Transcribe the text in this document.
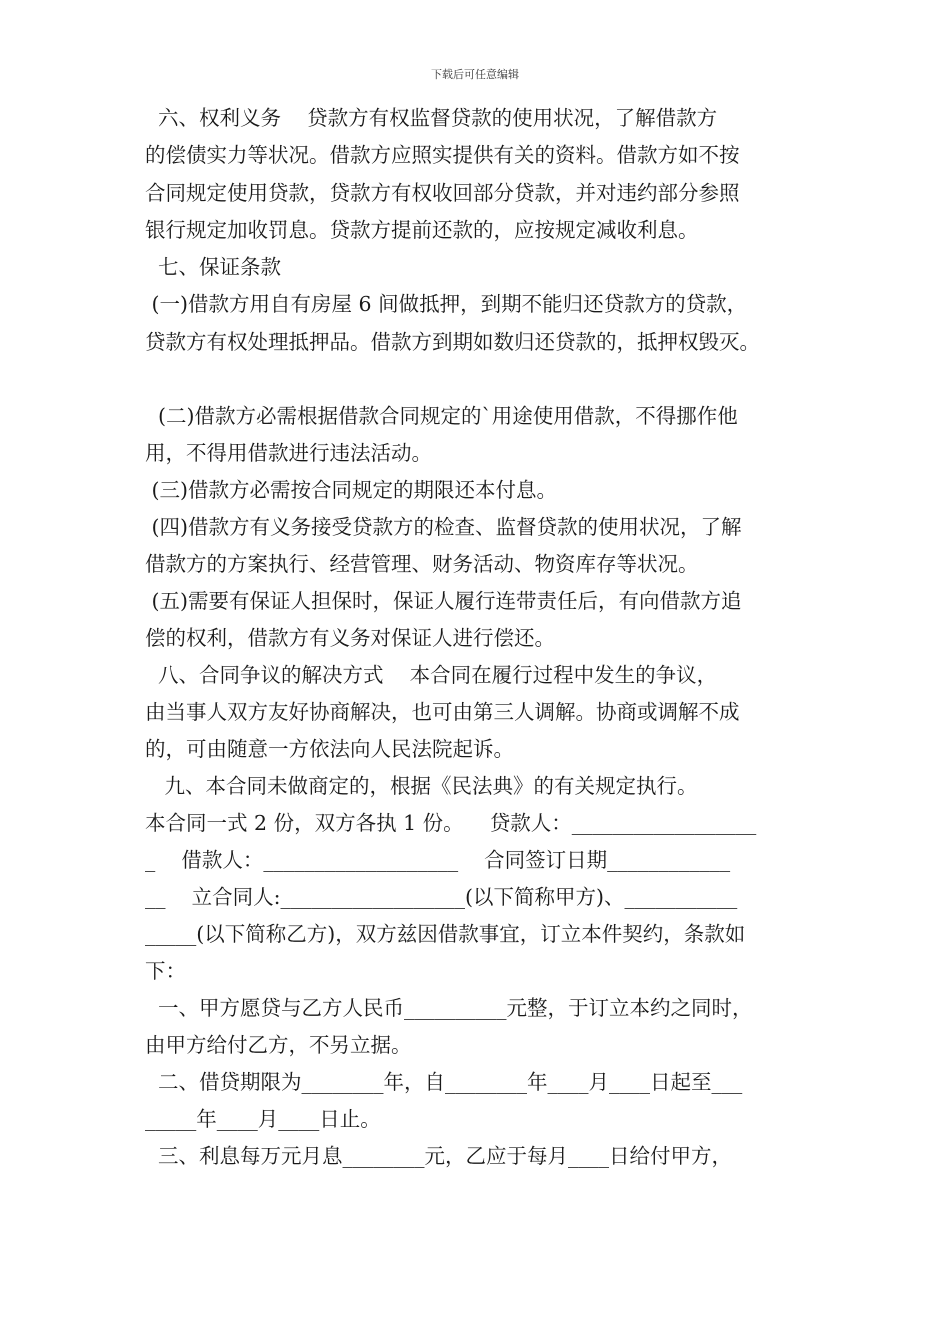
下载后可任意编辑
六、权利义务    贷款方有权监督贷款的使用状况，了解借款方
的偿债实力等状况。借款方应照实提供有关的资料。借款方如不按
合同规定使用贷款，贷款方有权收回部分贷款，并对违约部分参照
银行规定加收罚息。贷款方提前还款的，应按规定减收利息。
七、保证条款
(一)借款方用自有房屋 6 间做抵押，到期不能归还贷款方的贷款，
贷款方有权处理抵押品。借款方到期如数归还贷款的，抵押权毁灭。
(二)借款方必需根据借款合同规定的`用途使用借款，不得挪作他
用，不得用借款进行违法活动。
(三)借款方必需按合同规定的期限还本付息。
(四)借款方有义务接受贷款方的检查、监督贷款的使用状况，了解
借款方的方案执行、经营管理、财务活动、物资库存等状况。
(五)需要有保证人担保时，保证人履行连带责任后，有向借款方追
偿的权利，借款方有义务对保证人进行偿还。
八、合同争议的解决方式    本合同在履行过程中发生的争议，
由当事人双方友好协商解决，也可由第三人调解。协商或调解不成
的，可由随意一方依法向人民法院起诉。
九、本合同未做商定的，根据《民法典》的有关规定执行。
本合同一式 2 份，双方各执 1 份。    贷款人：__________________
_    借款人：___________________    合同签订日期____________
__    立合同人:__________________(以下简称甲方)、___________
_____(以下简称乙方)，双方兹因借款事宜，订立本件契约，条款如
下：
一、甲方愿贷与乙方人民币__________元整，于订立本约之同时，
由甲方给付乙方，不另立据。
二、借贷期限为________年，自________年____月____日起至___
_____年____月____日止。
三、利息每万元月息________元，乙应于每月____日给付甲方，
